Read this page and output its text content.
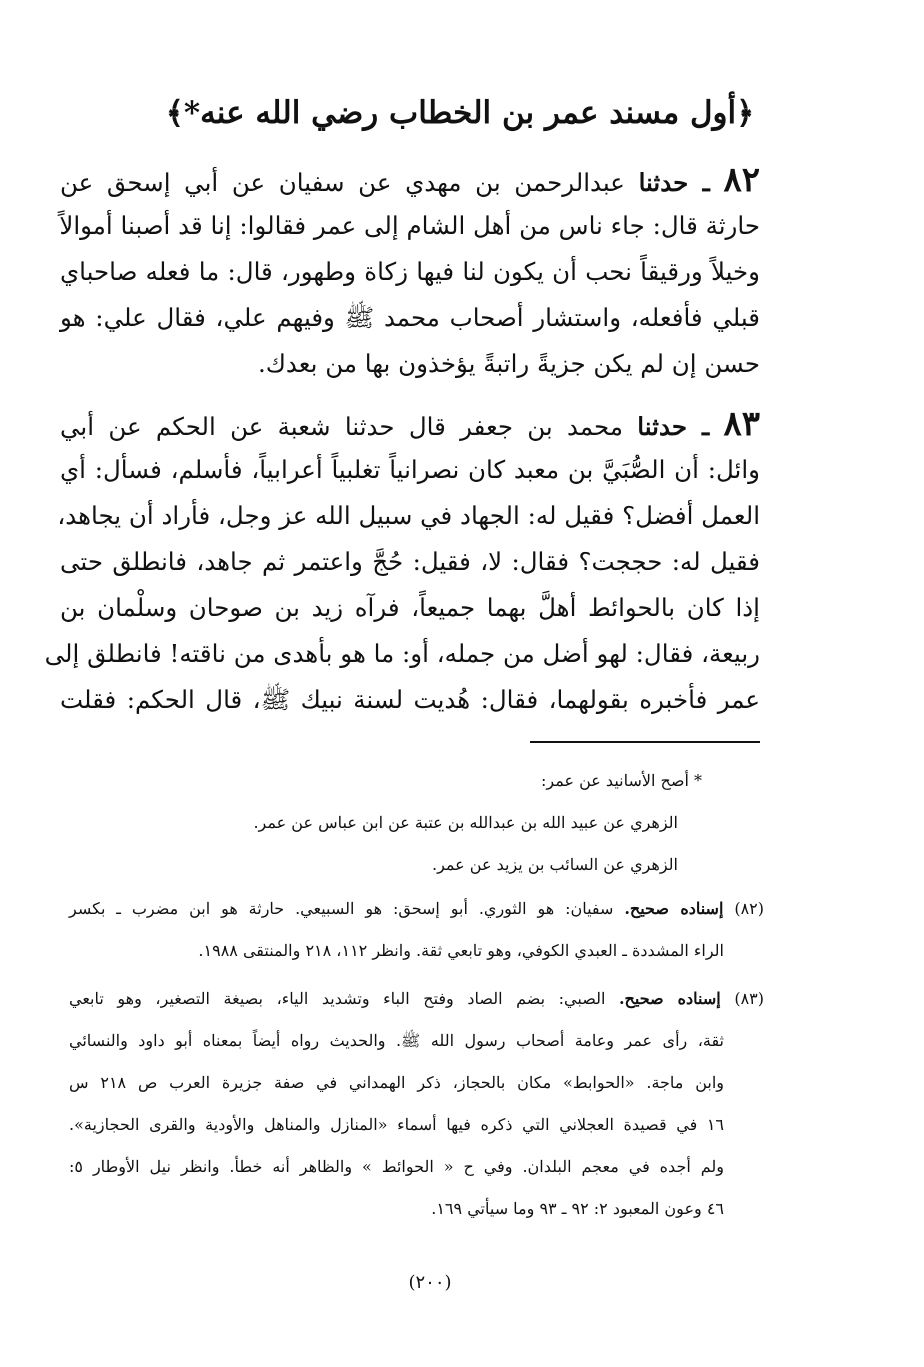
﴿أول مسند عمر بن الخطاب رضي الله عنه*﴾
٨٢ ـ حدثنا عبدالرحمن بن مهدي عن سفيان عن أبي إسحق عن
حارثة قال: جاء ناس من أهل الشام إلى عمر فقالوا: إنا قد أصبنا أموالاً
وخيلاً ورقيقاً نحب أن يكون لنا فيها زكاة وطهور، قال: ما فعله صاحباي
قبلي فأفعله، واستشار أصحاب محمد ﷺ وفيهم علي، فقال علي: هو
حسن إن لم يكن جزيةً راتبةً يؤخذون بها من بعدك.
٨٣ ـ حدثنا محمد بن جعفر قال حدثنا شعبة عن الحكم عن أبي
وائل: أن الصُّبَيَّ بن معبد كان نصرانياً تغلبياً أعرابياً، فأسلم، فسأل: أي
العمل أفضل؟ فقيل له: الجهاد في سبيل الله عز وجل، فأراد أن يجاهد،
فقيل له: حججت؟ فقال: لا، فقيل: حُجَّ واعتمر ثم جاهد، فانطلق حتى
إذا كان بالحوائط أهلَّ بهما جميعاً، فرآه زيد بن صوحان وسلْمان بن
ربيعة، فقال: لهو أضل من جمله، أو: ما هو بأهدى من ناقته! فانطلق إلى
عمر فأخبره بقولهما، فقال: هُديت لسنة نبيك ﷺ، قال الحكم: فقلت
* أصح الأسانيد عن عمر:
الزهري عن عبيد الله بن عبدالله بن عتبة عن ابن عباس عن عمر.
الزهري عن السائب بن يزيد عن عمر.
(٨٢) إسناده صحيح. سفيان: هو الثوري. أبو إسحق: هو السبيعي. حارثة هو ابن مضرب ـ بكسر
الراء المشددة ـ العبدي الكوفي، وهو تابعي ثقة. وانظر ١١٢، ٢١٨ والمنتقى ١٩٨٨.
(٨٣) إسناده صحيح. الصبي: بضم الصاد وفتح الباء وتشديد الياء، بصيغة التصغير، وهو تابعي
ثقة، رأى عمر وعامة أصحاب رسول الله ﷺ. والحديث رواه أيضاً بمعناه أبو داود والنسائي
وابن ماجة. «الحوابط» مكان بالحجاز، ذكر الهمداني في صفة جزيرة العرب ص ٢١٨ س
١٦ في قصيدة العجلاني التي ذكره فيها أسماء «المنازل والمناهل والأودية والقرى الحجازية».
ولم أجده في معجم البلدان. وفي ح « الحوائط » والظاهر أنه خطأ. وانظر نيل الأوطار ٥:
٤٦ وعون المعبود ٢: ٩٢ ـ ٩٣ وما سيأتي ١٦٩.
(٢٠٠)
